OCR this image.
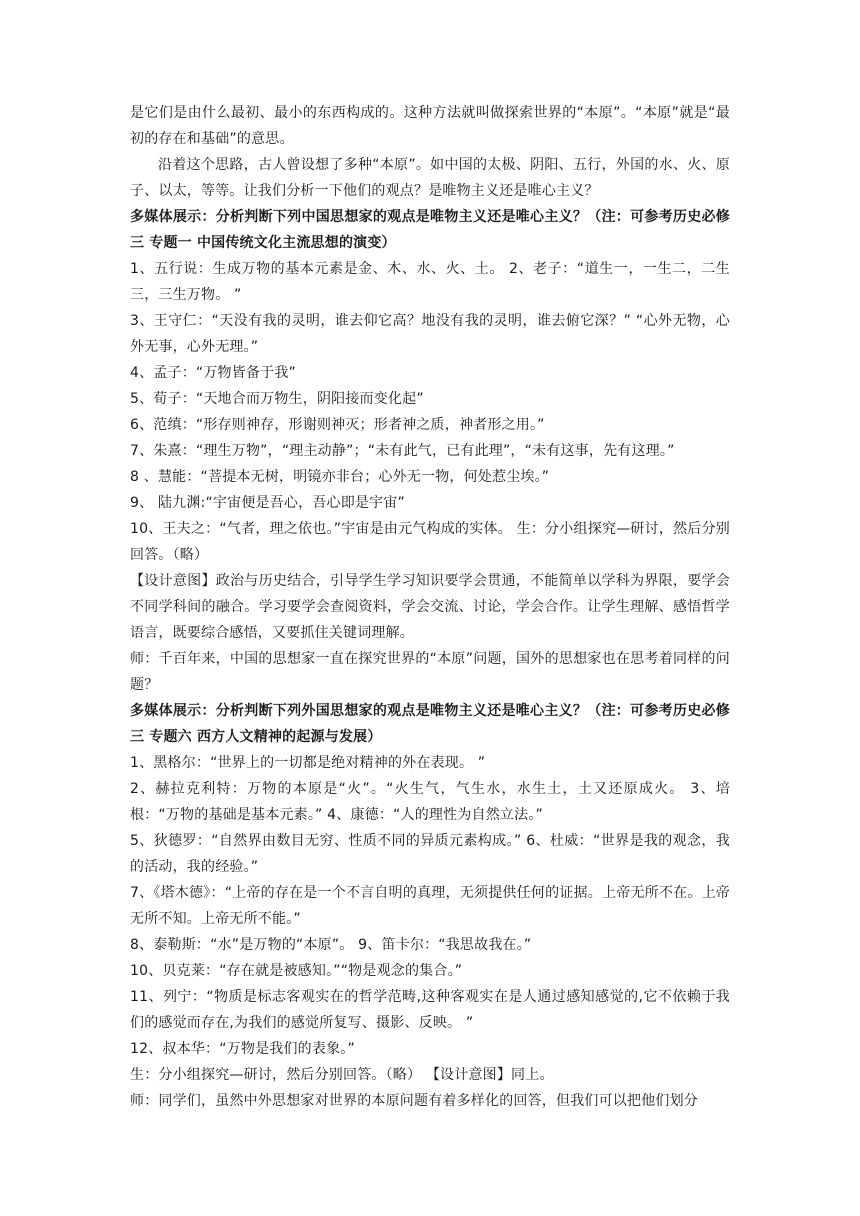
是它们是由什么最初、最小的东西构成的。这种方法就叫做探索世界的“本原”。“本原”就是“最初的存在和基础”的意思。

沿着这个思路，古人曾设想了多种“本原”。如中国的太极、阴阳、五行，外国的水、火、原子、以太，等等。让我们分析一下他们的观点？是唯物主义还是唯心主义？

多媒体展示：分析判断下列中国思想家的观点是唯物主义还是唯心主义？（注：可参考历史必修三 专题一 中国传统文化主流思想的演变）

1、五行说：生成万物的基本元素是金、木、水、火、土。 2、老子：“道生一，一生二，二生三，三生万物。 ”

3、王守仁：“天没有我的灵明，谁去仰它高？地没有我的灵明，谁去俯它深？” “心外无物，心外无事，心外无理。”

4、孟子：“万物皆备于我”

5、荀子：“天地合而万物生，阴阳接而变化起”

6、范缜：“形存则神存，形谢则神灭；形者神之质，神者形之用。”

7、朱熹：“理生万物”，“理主动静”；“未有此气，已有此理”，“未有这事，先有这理。”

8 、慧能：“菩提本无树，明镜亦非台；心外无一物，何处惹尘埃。”

9、 陆九渊:“宇宙便是吾心，吾心即是宇宙”

10、王夫之：“气者，理之依也。”宇宙是由元气构成的实体。 生：分小组探究—研讨，然后分别回答。（略）

【设计意图】政治与历史结合，引导学生学习知识要学会贯通，不能简单以学科为界限，要学会不同学科间的融合。学习要学会查阅资料，学会交流、讨论，学会合作。让学生理解、感悟哲学语言，既要综合感悟，又要抓住关键词理解。

师：千百年来，中国的思想家一直在探究世界的“本原”问题，国外的思想家也在思考着同样的问题？

多媒体展示：分析判断下列外国思想家的观点是唯物主义还是唯心主义？（注：可参考历史必修三 专题六 西方人文精神的起源与发展）

1、黑格尔：“世界上的一切都是绝对精神的外在表现。 ”

2、赫拉克利特：万物的本原是“火”。“火生气，气生水，水生土，土又还原成火。 3、培根：“万物的基础是基本元素。” 4、康德：“人的理性为自然立法。”

5、狄德罗：“自然界由数目无穷、性质不同的异质元素构成。” 6、杜威：“世界是我的观念，我的活动，我的经验。”

7、《塔木德》：“上帝的存在是一个不言自明的真理，无须提供任何的证据。上帝无所不在。上帝无所不知。上帝无所不能。”

8、泰勒斯：“水”是万物的“本原”。 9、笛卡尔：“我思故我在。”

10、贝克莱：“存在就是被感知。”“物是观念的集合。”

11、列宁：“物质是标志客观实在的哲学范畴,这种客观实在是人通过感知感觉的,它不依赖于我们的感觉而存在,为我们的感觉所复写、摄影、反映。 ”

12、叔本华：“万物是我们的表象。”

生：分小组探究—研讨，然后分别回答。（略） 【设计意图】同上。

师：同学们，虽然中外思想家对世界的本原问题有着多样化的回答，但我们可以把他们划分
